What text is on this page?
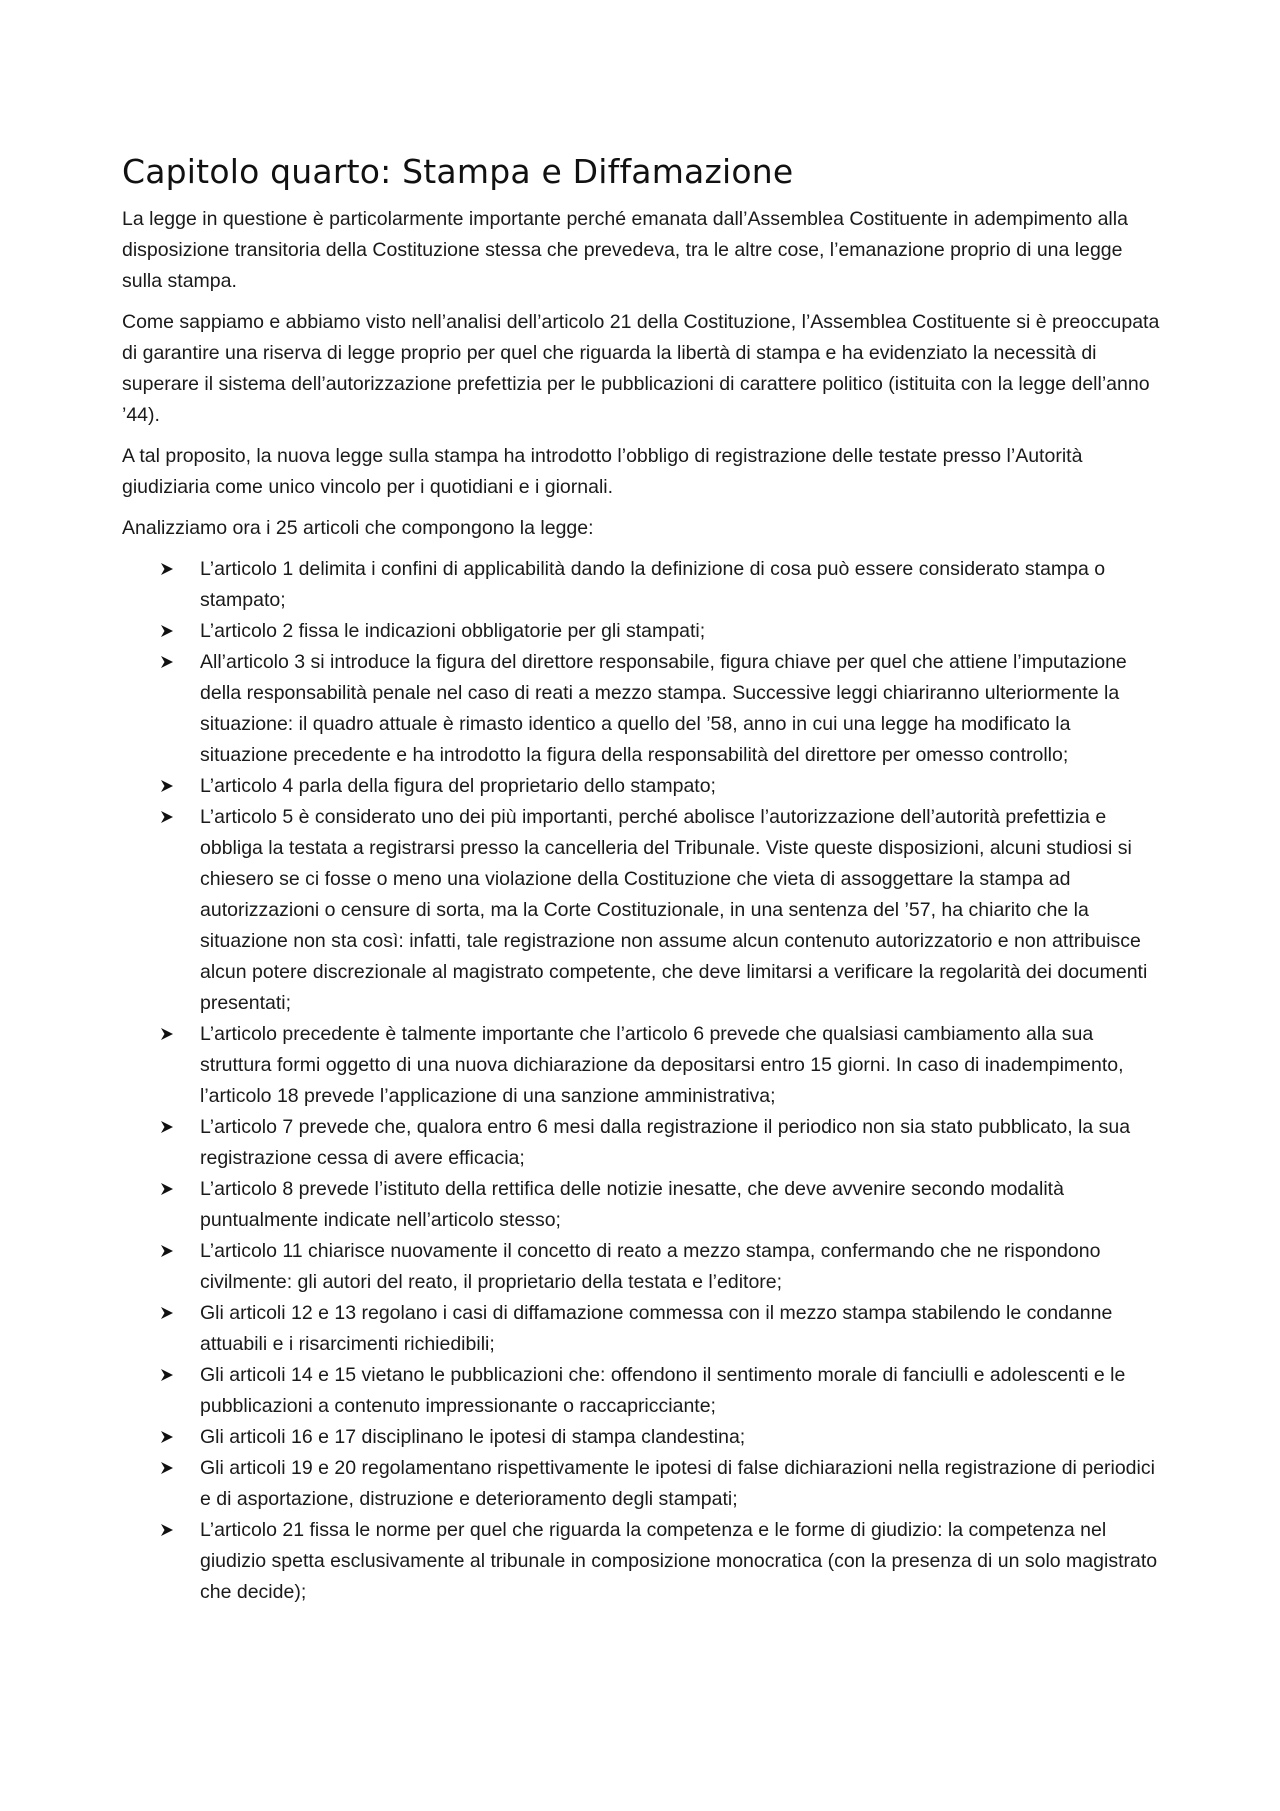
Capitolo quarto: Stampa e Diffamazione

La legge in questione è particolarmente importante perché emanata dall’Assemblea Costituente in adempimento alla disposizione transitoria della Costituzione stessa che prevedeva, tra le altre cose, l’emanazione proprio di una legge sulla stampa.

Come sappiamo e abbiamo visto nell’analisi dell’articolo 21 della Costituzione, l’Assemblea Costituente si è preoccupata di garantire una riserva di legge proprio per quel che riguarda la libertà di stampa e ha evidenziato la necessità di superare il sistema dell’autorizzazione prefettizia per le pubblicazioni di carattere politico (istituita con la legge dell’anno ’44).

A tal proposito, la nuova legge sulla stampa ha introdotto l’obbligo di registrazione delle testate presso l’Autorità giudiziaria come unico vincolo per i quotidiani e i giornali.

Analizziamo ora i 25 articoli che compongono la legge:

L’articolo 1 delimita i confini di applicabilità dando la definizione di cosa può essere considerato stampa o stampato;
L’articolo 2 fissa le indicazioni obbligatorie per gli stampati;
All’articolo 3 si introduce la figura del direttore responsabile, figura chiave per quel che attiene l’imputazione della responsabilità penale nel caso di reati a mezzo stampa. Successive leggi chiariranno ulteriormente la situazione: il quadro attuale è rimasto identico a quello del ’58, anno in cui una legge ha modificato la situazione precedente e ha introdotto la figura della responsabilità del direttore per omesso controllo;
L’articolo 4 parla della figura del proprietario dello stampato;
L’articolo 5 è considerato uno dei più importanti, perché abolisce l’autorizzazione dell’autorità prefettizia e obbliga la testata a registrarsi presso la cancelleria del Tribunale. Viste queste disposizioni, alcuni studiosi si chiesero se ci fosse o meno una violazione della Costituzione che vieta di assoggettare la stampa ad autorizzazioni o censure di sorta, ma la Corte Costituzionale, in una sentenza del ’57, ha chiarito che la situazione non sta così: infatti, tale registrazione non assume alcun contenuto autorizzatorio e non attribuisce alcun potere discrezionale al magistrato competente, che deve limitarsi a verificare la regolarità dei documenti presentati;
L’articolo precedente è talmente importante che l’articolo 6 prevede che qualsiasi cambiamento alla sua struttura formi oggetto di una nuova dichiarazione da depositarsi entro 15 giorni. In caso di inadempimento, l’articolo 18 prevede l’applicazione di una sanzione amministrativa;
L’articolo 7 prevede che, qualora entro 6 mesi dalla registrazione il periodico non sia stato pubblicato, la sua registrazione cessa di avere efficacia;
L’articolo 8 prevede l’istituto della rettifica delle notizie inesatte, che deve avvenire secondo modalità puntualmente indicate nell’articolo stesso;
L’articolo 11 chiarisce nuovamente il concetto di reato a mezzo stampa, confermando che ne rispondono civilmente: gli autori del reato, il proprietario della testata e l’editore;
Gli articoli 12 e 13 regolano i casi di diffamazione commessa con il mezzo stampa stabilendo le condanne attuabili e i risarcimenti richiedibili;
Gli articoli 14 e 15 vietano le pubblicazioni che: offendono il sentimento morale di fanciulli e adolescenti e le pubblicazioni a contenuto impressionante o raccapricciante;
Gli articoli 16 e 17 disciplinano le ipotesi di stampa clandestina;
Gli articoli 19 e 20 regolamentano rispettivamente le ipotesi di false dichiarazioni nella registrazione di periodici e di asportazione, distruzione e deterioramento degli stampati;
L’articolo 21 fissa le norme per quel che riguarda la competenza e le forme di giudizio: la competenza nel giudizio spetta esclusivamente al tribunale in composizione monocratica (con la presenza di un solo magistrato che decide);
